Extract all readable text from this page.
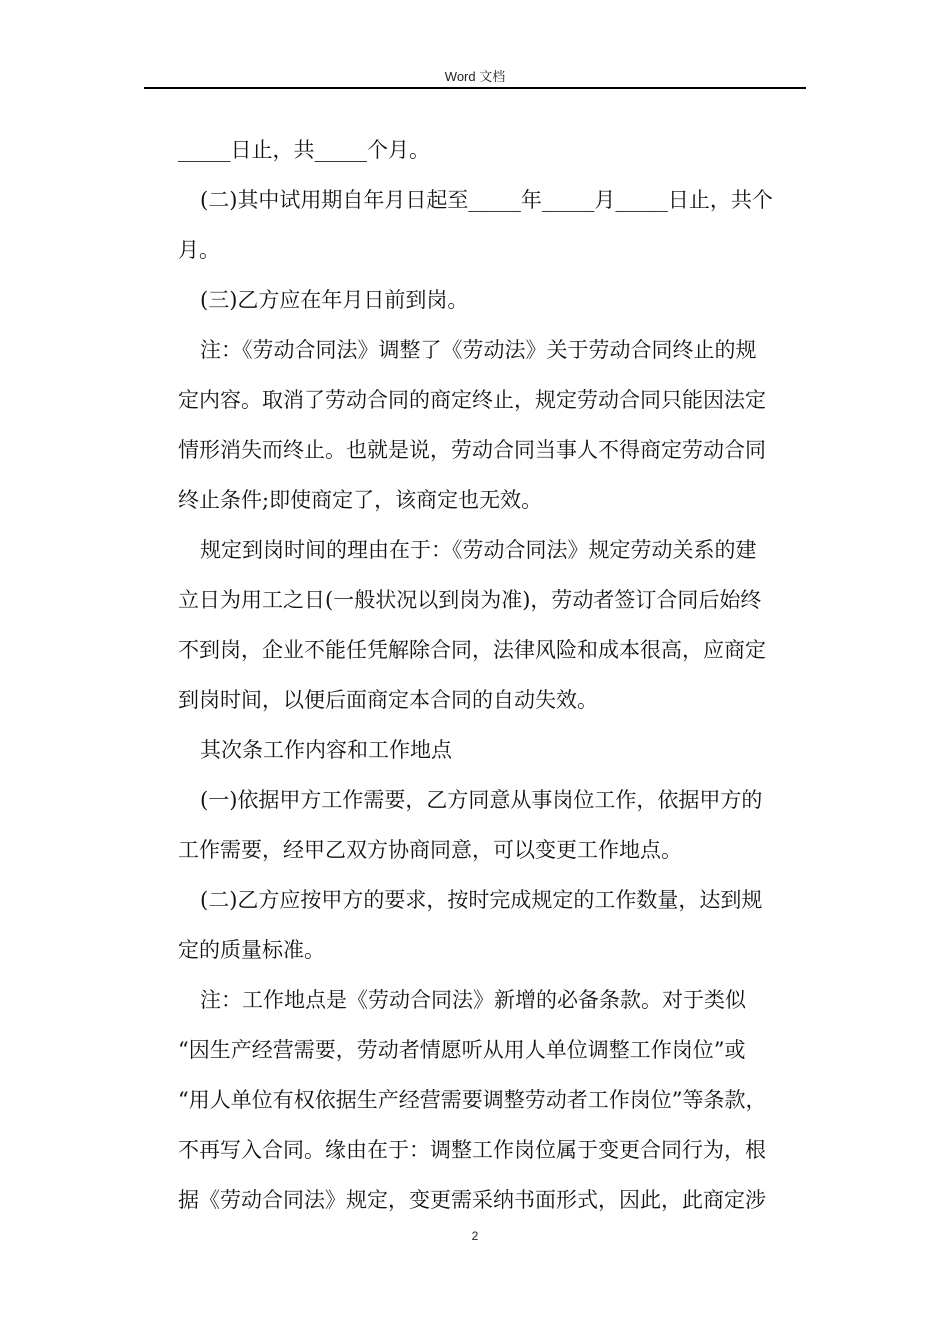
Word 文档
_____日止，共_____个月。
(二)其中试用期自年月日起至_____年_____月_____日止，共个
月。
(三)乙方应在年月日前到岗。
注：《劳动合同法》调整了《劳动法》关于劳动合同终止的规
定内容。取消了劳动合同的商定终止，规定劳动合同只能因法定
情形消失而终止。也就是说，劳动合同当事人不得商定劳动合同
终止条件;即使商定了，该商定也无效。
规定到岗时间的理由在于：《劳动合同法》规定劳动关系的建
立日为用工之日(一般状况以到岗为准)，劳动者签订合同后始终
不到岗，企业不能任凭解除合同，法律风险和成本很高，应商定
到岗时间，以便后面商定本合同的自动失效。
其次条工作内容和工作地点
(一)依据甲方工作需要，乙方同意从事岗位工作，依据甲方的
工作需要，经甲乙双方协商同意，可以变更工作地点。
(二)乙方应按甲方的要求，按时完成规定的工作数量，达到规
定的质量标准。
注：工作地点是《劳动合同法》新增的必备条款。对于类似
“因生产经营需要，劳动者情愿听从用人单位调整工作岗位”或
“用人单位有权依据生产经营需要调整劳动者工作岗位”等条款，
不再写入合同。缘由在于：调整工作岗位属于变更合同行为，根
据《劳动合同法》规定，变更需采纳书面形式，因此，此商定涉
2
